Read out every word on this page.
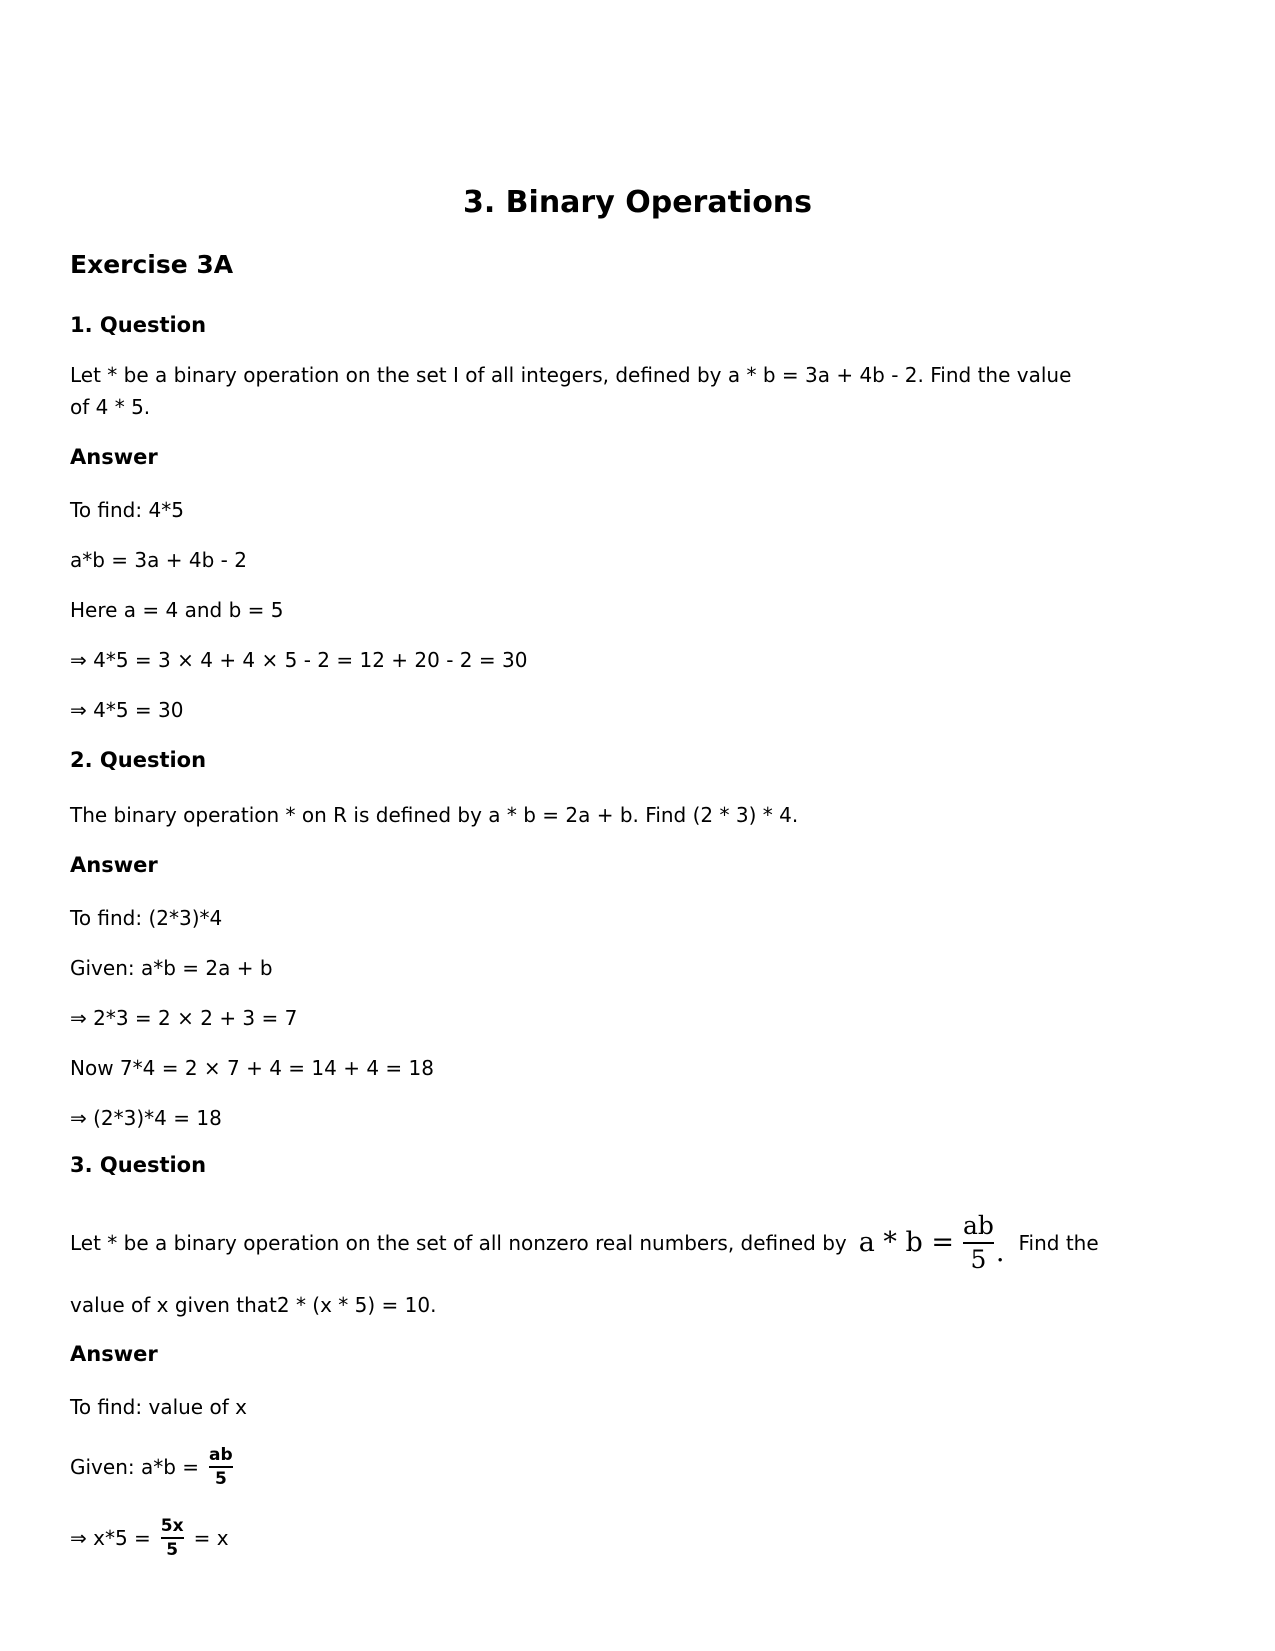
3. Binary Operations
Exercise 3A
1. Question

Let * be a binary operation on the set I of all integers, defined by a * b = 3a + 4b - 2. Find the value
of 4 * 5.

Answer

To find: 4*5

a*b = 3a + 4b - 2

Here a = 4 and b = 5

⇒ 4*5 = 3 × 4 + 4 × 5 - 2 = 12 + 20 - 2 = 30

⇒ 4*5 = 30

2. Question

The binary operation * on R is defined by a * b = 2a + b. Find (2 * 3) * 4.

Answer

To find: (2*3)*4

Given: a*b = 2a + b

⇒ 2*3 = 2 × 2 + 3 = 7

Now 7*4 = 2 × 7 + 4 = 14 + 4 = 18

⇒ (2*3)*4 = 18

3. Question
Let * be a binary operation on the set of all nonzero real numbers, defined by $a * b = \frac{ab}{5}$ . Find the

value of x given that2 * (x * 5) = 10.

Answer

To find: value of x

Given: $a*b = \frac{ab}{5}$
⇒ $x*5 = \frac{5x}{5} = x$
